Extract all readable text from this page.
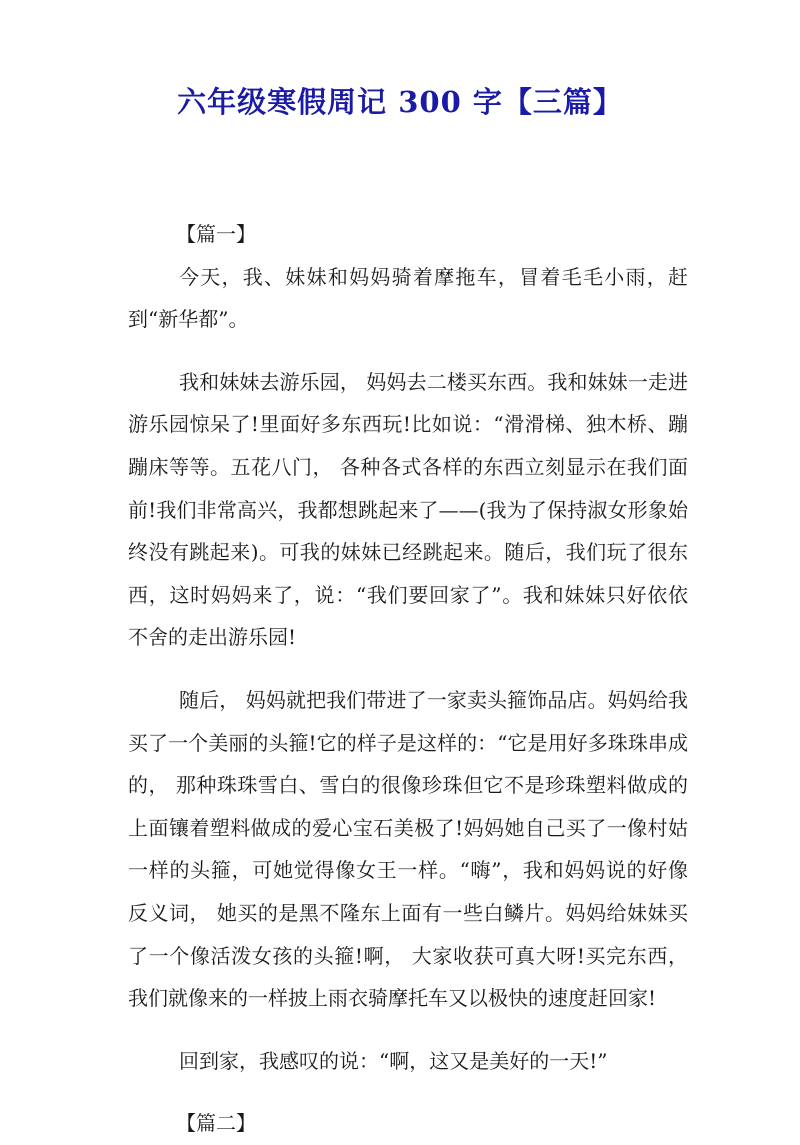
六年级寒假周记 300 字【三篇】

【篇一】

今天，我、妹妹和妈妈骑着摩拖车，冒着毛毛小雨，赶到“新华都”。

我和妹妹去游乐园， 妈妈去二楼买东西。我和妹妹一走进游乐园惊呆了!里面好多东西玩!比如说：“滑滑梯、独木桥、蹦蹦床等等。五花八门， 各种各式各样的东西立刻显示在我们面前!我们非常高兴，我都想跳起来了——(我为了保持淑女形象始终没有跳起来)。可我的妹妹已经跳起来。随后，我们玩了很东西，这时妈妈来了，说：“我们要回家了”。我和妹妹只好依依不舍的走出游乐园!

随后， 妈妈就把我们带进了一家卖头箍饰品店。妈妈给我买了一个美丽的头箍!它的样子是这样的：“它是用好多珠珠串成的， 那种珠珠雪白、雪白的很像珍珠但它不是珍珠塑料做成的上面镶着塑料做成的爱心宝石美极了!妈妈她自己买了一像村姑一样的头箍，可她觉得像女王一样。“嗨”，我和妈妈说的好像反义词， 她买的是黑不隆东上面有一些白鳞片。妈妈给妹妹买了一个像活泼女孩的头箍!啊， 大家收获可真大呀!买完东西， 我们就像来的一样披上雨衣骑摩托车又以极快的速度赶回家!

回到家，我感叹的说：“啊，这又是美好的一天!”

【篇二】
